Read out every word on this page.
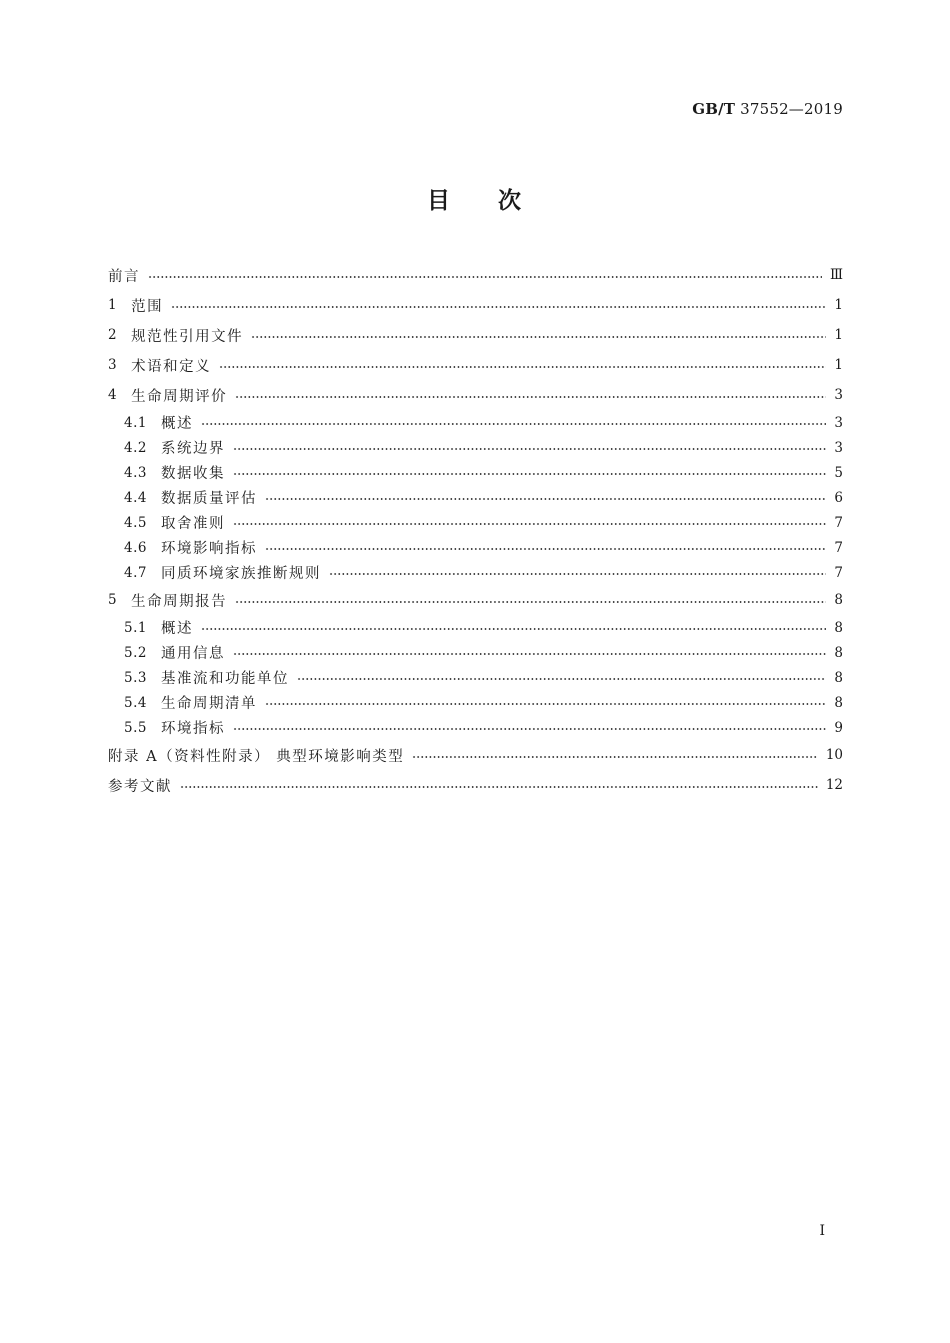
GB/T 37552—2019
目 次
前言	Ⅲ
1 范围	1
2 规范性引用文件	1
3 术语和定义	1
4 生命周期评价	3
4.1 概述	3
4.2 系统边界	3
4.3 数据收集	5
4.4 数据质量评估	6
4.5 取舍准则	7
4.6 环境影响指标	7
4.7 同质环境家族推断规则	7
5 生命周期报告	8
5.1 概述	8
5.2 通用信息	8
5.3 基准流和功能单位	8
5.4 生命周期清单	8
5.5 环境指标	9
附录 A（资料性附录） 典型环境影响类型	10
参考文献	12
I
